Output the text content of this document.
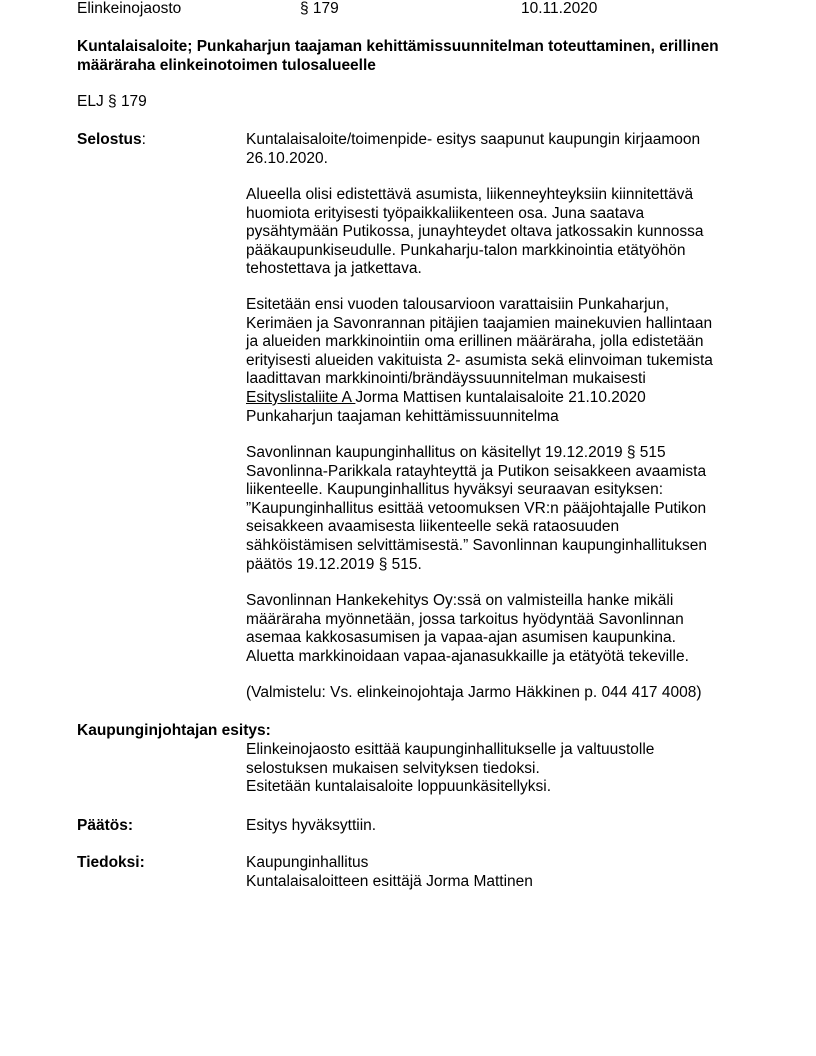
Elinkeinojaosto	§ 179	10.11.2020
Kuntalaisaloite; Punkaharjun taajaman kehittämissuunnitelman toteuttaminen, erillinen
määräraha elinkeinotoimen tulosalueelle
ELJ § 179
Selostus:	Kuntalaisaloite/toimenpide- esitys saapunut kaupungin kirjaamoon
26.10.2020.
Alueella olisi edistettävä asumista, liikenneyhteyksiin kiinnitettävä
huomiota erityisesti työpaikkaliikenteen osa. Juna saatava
pysähtymään Putikossa, junayhteydet oltava jatkossakin kunnossa
pääkaupunkiseudulle. Punkaharju-talon markkinointia etätyöhön
tehostettava ja jatkettava.
Esitetään ensi vuoden talousarvioon varattaisiin Punkaharjun,
Kerimäen ja Savonrannan pitäjien taajamien mainekuvien hallintaan
ja alueiden markkinointiin oma erillinen määräraha, jolla edistetään
erityisesti alueiden vakituista 2- asumista sekä elinvoiman tukemista
laadittavan markkinointi/brändäyssuunnitelman mukaisesti
Esityslistaliite A Jorma Mattisen kuntalaisaloite 21.10.2020
Punkaharjun taajaman kehittämissuunnitelma
Savonlinnan kaupunginhallitus on käsitellyt 19.12.2019 § 515
Savonlinna-Parikkala ratayhteyttä ja Putikon seisakkeen avaamista
liikenteelle. Kaupunginhallitus hyväksyi seuraavan esityksen:
”Kaupunginhallitus esittää vetoomuksen VR:n pääjohtajalle Putikon
seisakkeen avaamisesta liikenteelle sekä rataosuuden
sähköistämisen selvittämisestä.” Savonlinnan kaupunginhallituksen
päätös 19.12.2019 § 515.
Savonlinnan Hankekehitys Oy:ssä on valmisteilla hanke mikäli
määräraha myönnetään, jossa tarkoitus hyödyntää Savonlinnan
asemaa kakkosasumisen ja vapaa-ajan asumisen kaupunkina.
Aluetta markkinoidaan vapaa-ajanasukkaille ja etätyötä tekeville.
(Valmistelu: Vs. elinkeinojohtaja Jarmo Häkkinen p. 044 417 4008)
Kaupunginjohtajan esitys:
Elinkeinojaosto esittää kaupunginhallitukselle ja valtuustolle
selostuksen mukaisen selvityksen tiedoksi.
Esitetään kuntalaisaloite loppuunkäsitellyksi.
Päätös:	Esitys hyväksyttiin.
Tiedoksi:	Kaupunginhallitus
Kuntalaisaloitteen esittäjä Jorma Mattinen
